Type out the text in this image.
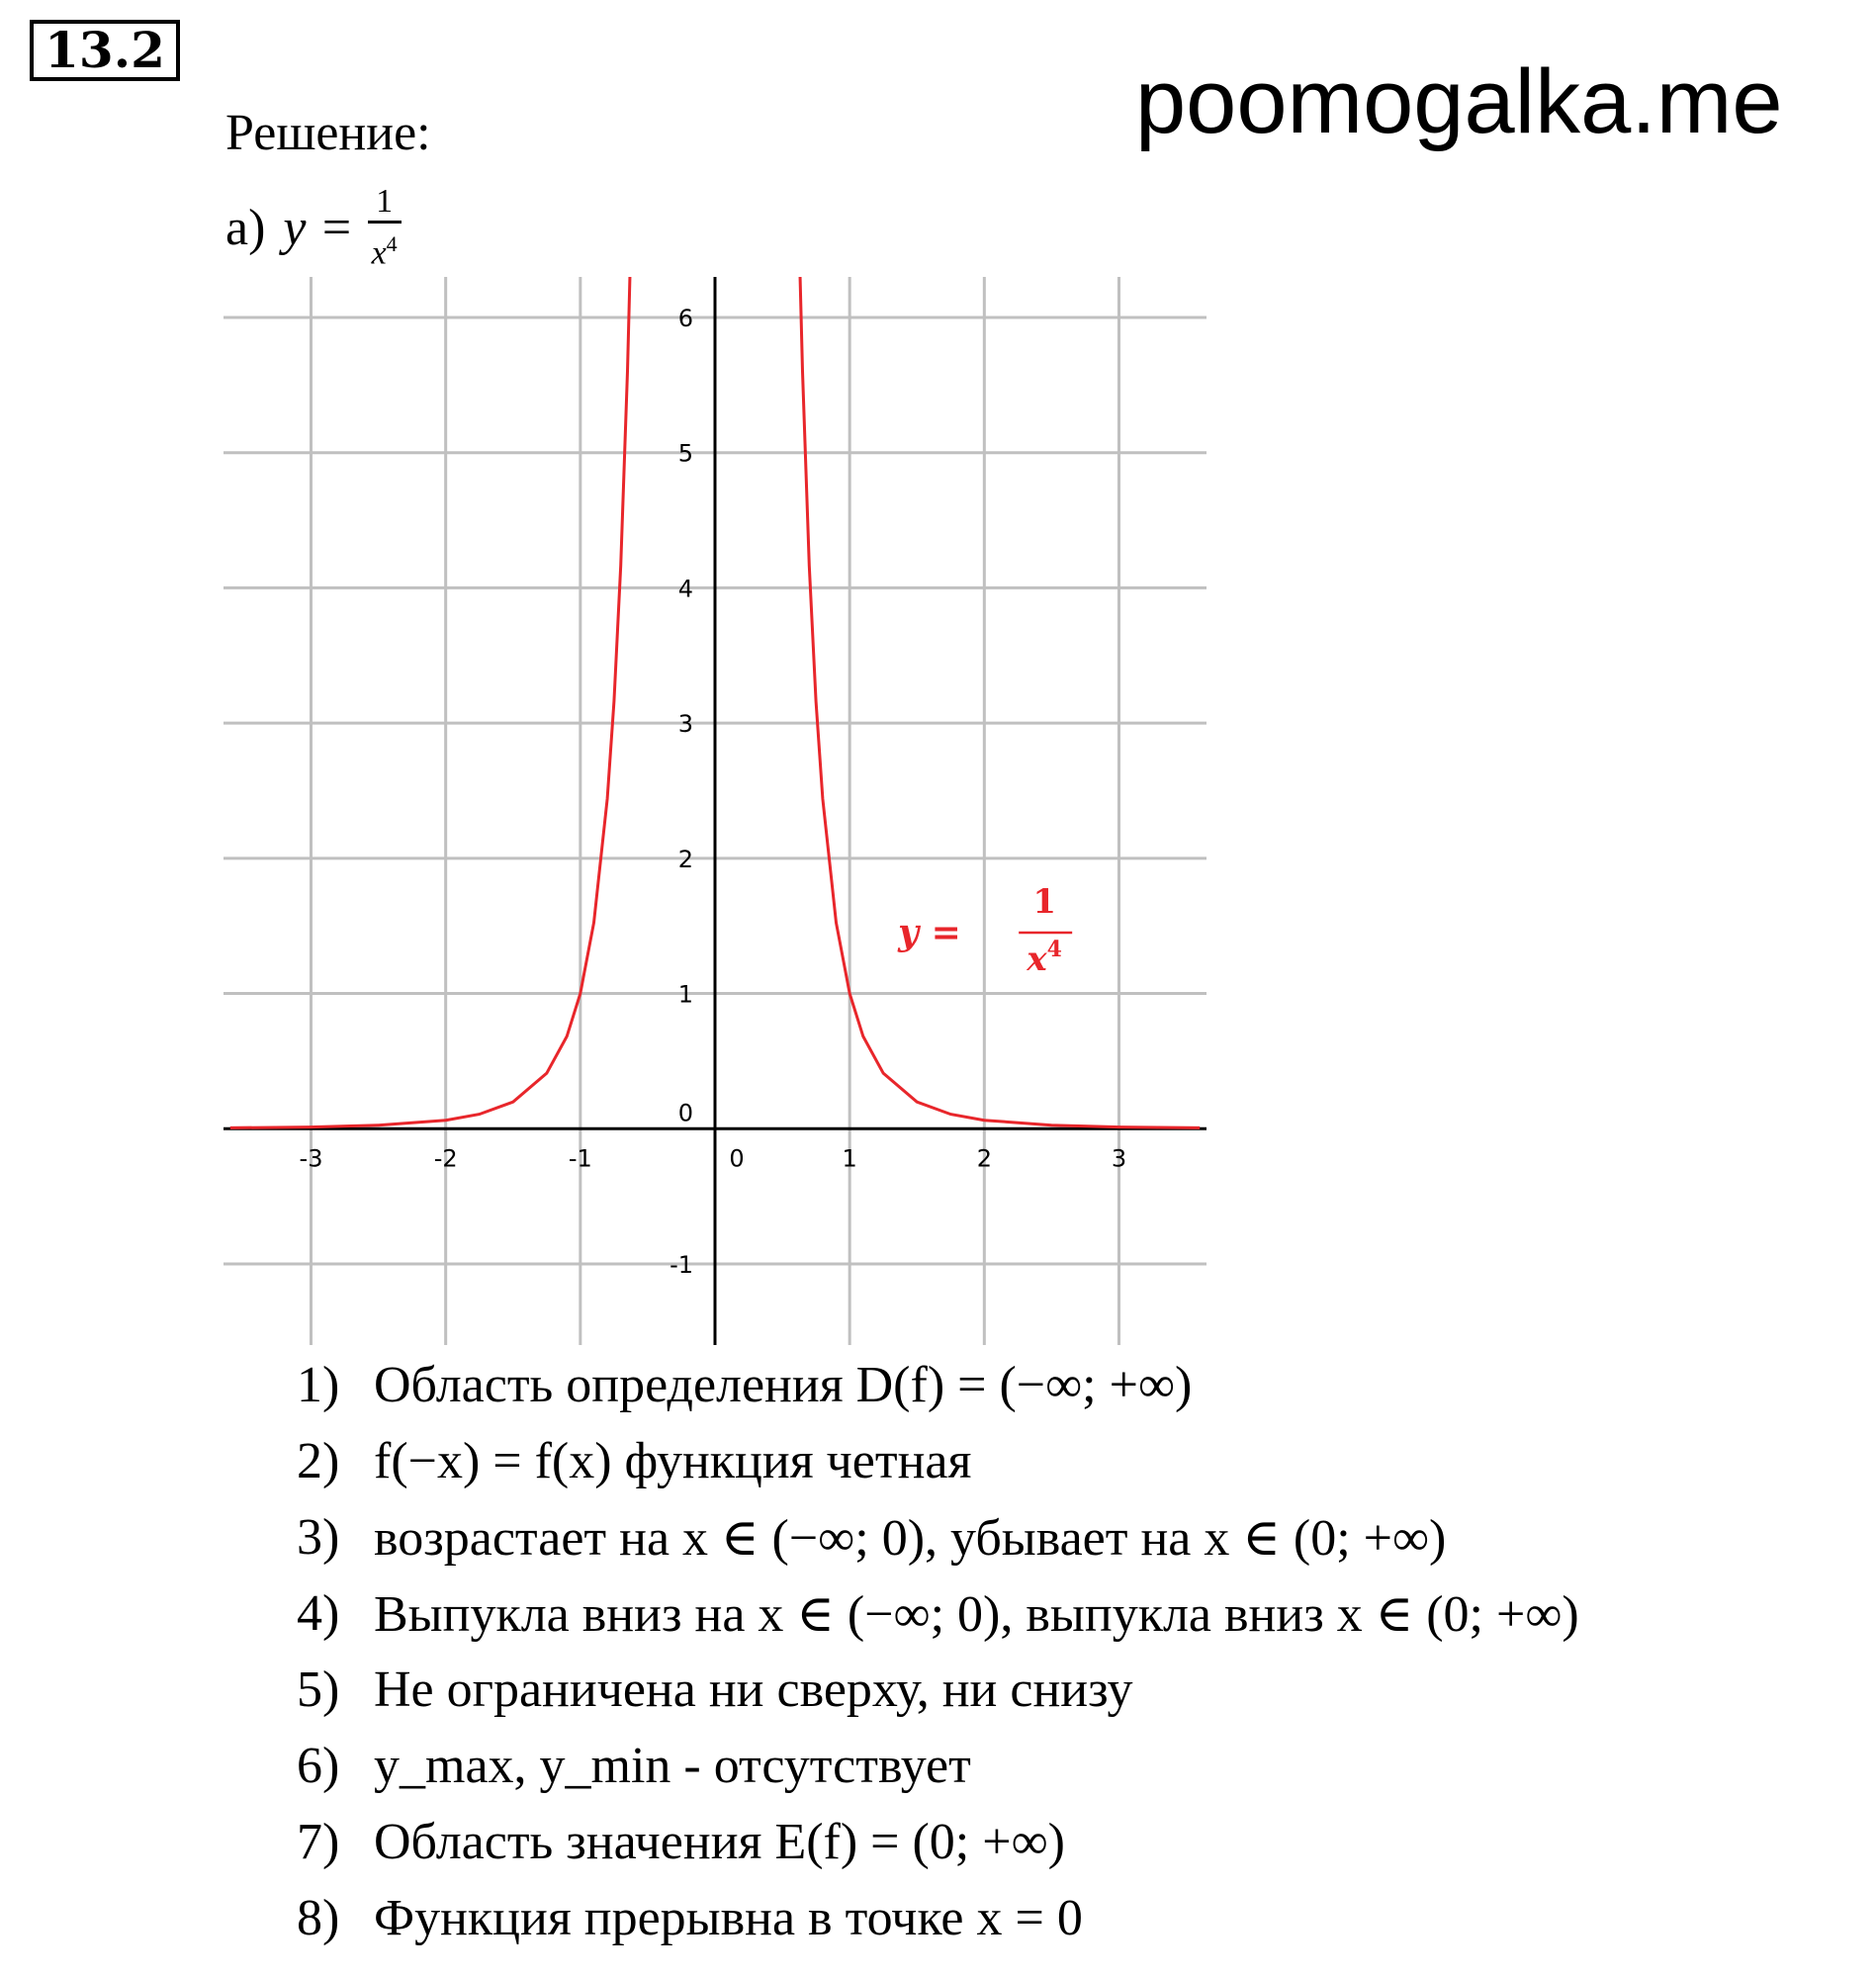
13.2
poomogalka.me
Решение:
а) $y = \frac{1}{x^4}$
-3	-2	-1	0	1	2	3
-1
0
1
2
3
4
5
6
y =
1
$x^4$
1) Область определения D(f) = (−∞; +∞)
2) f(−x) = f(x) функция четная
3) возрастает на x ∈ (−∞; 0), убывает на x ∈ (0; +∞)
4) Выпукла вниз на x ∈ (−∞; 0), выпукла вниз x ∈ (0; +∞)
5) Не ограничена ни сверху, ни снизу
6) y_max, y_min - отсутствует
7) Область значения E(f) = (0; +∞)
8) Функция прерывна в точке x = 0
